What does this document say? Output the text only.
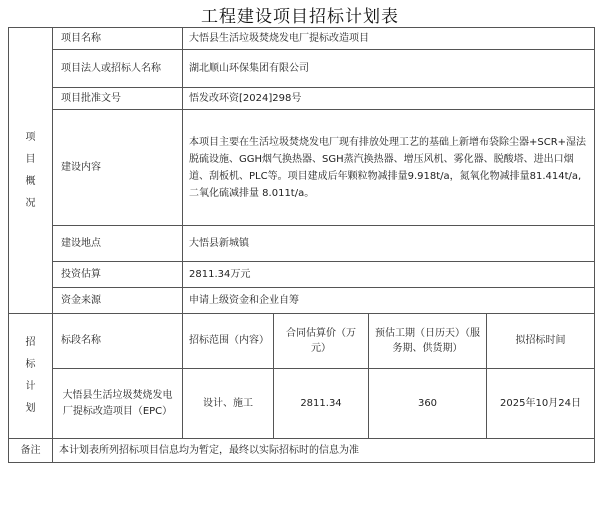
工程建设项目招标计划表
项目概况	项目名称	大悟县生活垃圾焚烧发电厂提标改造项目			
	项目法人或招标人名称	湖北顺山环保集团有限公司			
	项目批准文号	悟发改环资[2024]298号			
	建设内容	本项目主要在生活垃圾焚烧发电厂现有排放处理工艺的基础上新增布袋除尘器+SCR+湿法脱硫设施、GGH烟气换热器、SGH蒸汽换热器、增压风机、雾化器、脱酸塔、进出口烟道、刮板机、PLC等。项目建成后年颗粒物减排量9.918t/a，氮氧化物减排量81.414t/a,二氧化硫减排量 8.011t/a。			
	建设地点	大悟县新城镇			
	投资估算	2811.34万元			
	资金来源	申请上级资金和企业自筹			
招标计划	标段名称	招标范围（内容）	合同估算价（万元）	预估工期（日历天）（服务期、供货期）	拟招标时间
	大悟县生活垃圾焚烧发电厂提标改造项目（EPC）	设计、施工	2811.34	360	2025年10月24日
备注	本计划表所列招标项目信息均为暂定，最终以实际招标时的信息为准				
